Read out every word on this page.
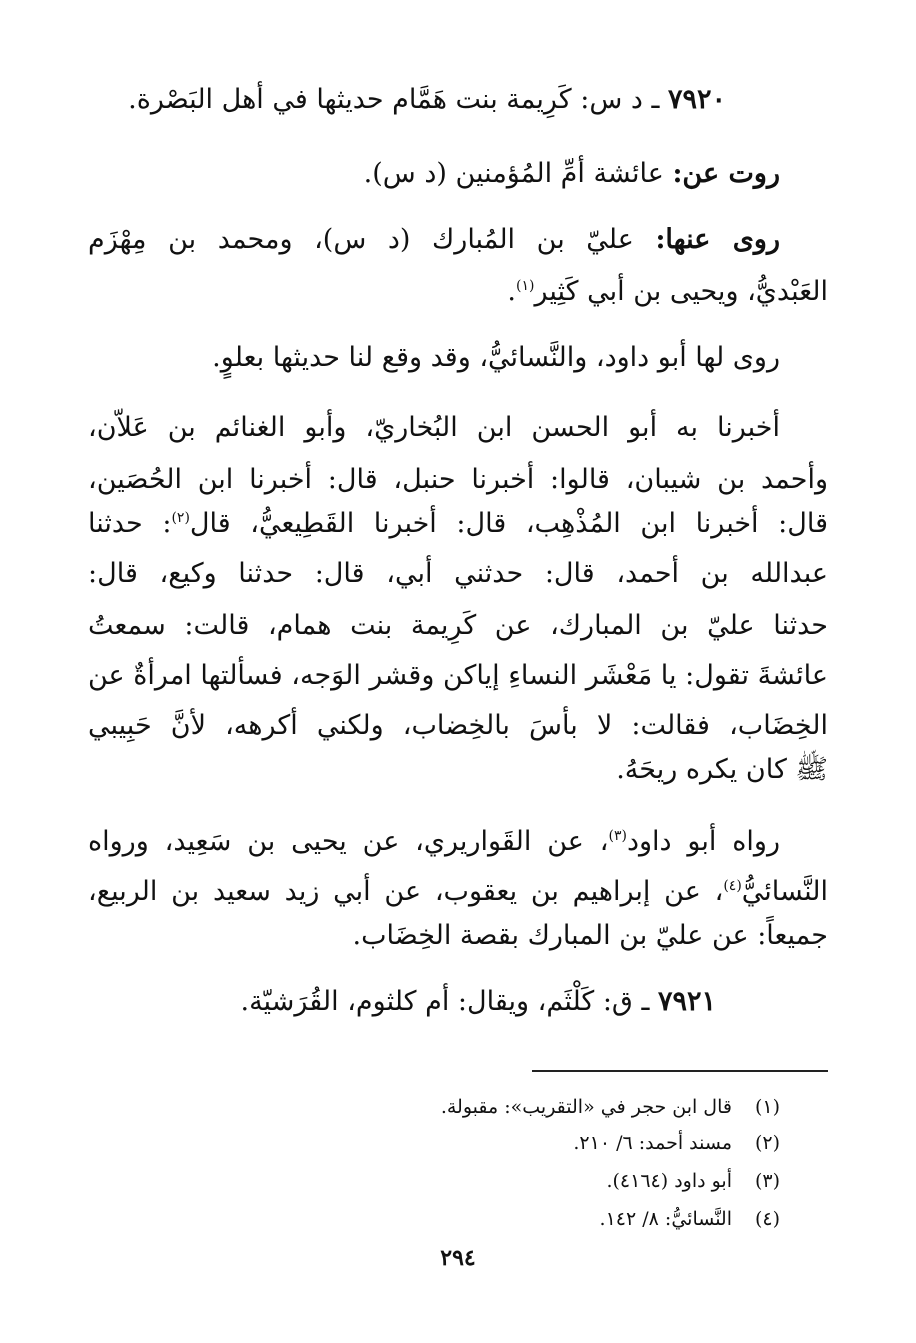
٧٩٢٠ ـ د س: كَرِيمة بنت هَمَّام حديثها في أهل البَصْرة.
روت عن: عائشة أمِّ المُؤمنين (د س).
روى عنها: عليّ بن المُبارك (د س)، ومحمد بن مِهْزَم
العَبْديُّ، ويحيى بن أبي كَثِير$^{(١)}$.
روى لها أبو داود، والنَّسائيُّ، وقد وقع لنا حديثها بعلوٍ.
أخبرنا به أبو الحسن ابن البُخاريّ، وأبو الغنائم بن عَلاّن،
وأحمد بن شيبان، قالوا: أخبرنا حنبل، قال: أخبرنا ابن الحُصَين،
قال: أخبرنا ابن المُذْهِب، قال: أخبرنا القَطِيعيُّ، قال$^{(٢)}$: حدثنا
عبدالله بن أحمد، قال: حدثني أبي، قال: حدثنا وكيع، قال:
حدثنا عليّ بن المبارك، عن كَرِيمة بنت همام، قالت: سمعتُ
عائشةَ تقول: يا مَعْشَر النساءِ إياكن وقشر الوَجه، فسألتها امرأةٌ عن
الخِضَاب، فقالت: لا بأسَ بالخِضاب، ولكني أكرهه، لأنَّ حَبِيبي
ﷺ كان يكره ريحَهُ.
رواه أبو داود$^{(٣)}$، عن القَواريري، عن يحيى بن سَعِيد، ورواه
النَّسائيُّ$^{(٤)}$، عن إبراهيم بن يعقوب، عن أبي زيد سعيد بن الربيع،
جميعاً: عن عليّ بن المبارك بقصة الخِضَاب.
٧٩٢١ ـ ق: كَلْثَم، ويقال: أم كلثوم، القُرَشيّة.
(١)قال ابن حجر في «التقريب»: مقبولة.
(٢)مسند أحمد: ٦/ ٢١٠.
(٣)أبو داود (٤١٦٤).
(٤)النَّسائيُّ: ٨/ ١٤٢.
٢٩٤
